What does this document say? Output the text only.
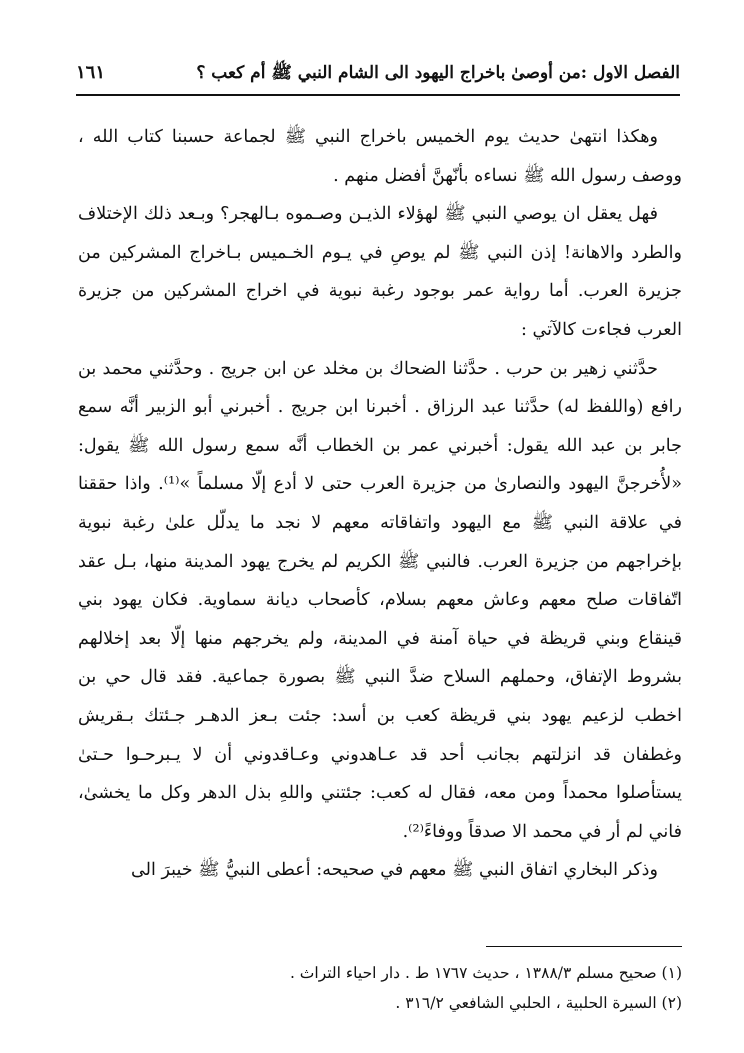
الفصل الاول :من أوصىٰ باخراج اليهود الى الشام النبي ﷺ أم كعب ؟
١٦١

وهكذا انتهىٰ حديث يوم الخميس باخراج النبي ﷺ لجماعة حسبنا كتاب الله ، ووصف رسول الله ﷺ نساءه بأنّهنَّ أفضل منهم .

فهل يعقل ان يوصي النبي ﷺ لهؤلاء الذيـن وصـموه بـالهجر؟ وبـعد ذلك الإختلاف والطرد والاهانة! إذن النبي ﷺ لم يوصِ في يـوم الخـميس بـاخراج المشركين من جزيرة العرب. أما رواية عمر بوجود رغبة نبوية في اخراج المشركين من جزيرة العرب فجاءت كالآتي :

حدَّثني زهير بن حرب . حدَّثنا الضحاك بن مخلد عن ابن جريج . وحدَّثني محمد بن رافع (واللفظ له) حدَّثنا عبد الرزاق . أخبرنا ابن جريج . أخبرني أبو الزبير أنَّه سمع جابر بن عبد الله يقول: أخبرني عمر بن الخطاب أنَّه سمع رسول الله ﷺ يقول: «لأُخرجنَّ اليهود والنصارىٰ من جزيرة العرب حتى لا أدع إلّا مسلماً »⁽¹⁾. واذا حققنا في علاقة النبي ﷺ مع اليهود واتفاقاته معهم لا نجد ما يدلّل علىٰ رغبة نبوية بإخراجهم من جزيرة العرب. فالنبي ﷺ الكريم لم يخرج يهود المدينة منها، بـل عقد اتّفاقات صلح معهم وعاش معهم بسلام، كأصحاب ديانة سماوية. فكان يهود بني قينقاع وبني قريظة في حياة آمنة في المدينة، ولم يخرجهم منها إلّا بعد إخلالهم بشروط الإتفاق، وحملهم السلاح ضدَّ النبي ﷺ بصورة جماعية. فقد قال حي بن اخطب لزعيم يهود بني قريظة كعب بن أسد: جئت بـعز الدهـر جـئتك بـقريش وغطفان قد انزلتهم بجانب أحد قد عـاهدوني وعـاقدوني أن لا يـبرحـوا حـتىٰ يستأصلوا محمداً ومن معه، فقال له كعب: جئتني واللهِ بذل الدهر وكل ما يخشىٰ، فاني لم أر في محمد الا صدقاً ووفاءً⁽²⁾.

وذكر البخاري اتفاق النبي ﷺ معهم في صحيحه: أعطى النبيُّ ﷺ خيبرَ الى

(١) صحيح مسلم ١٣٨٨/٣ ، حديث ١٧٦٧ ط . دار احياء التراث .
(٢) السيرة الحلبية ، الحلبي الشافعي ٣١٦/٢ .
